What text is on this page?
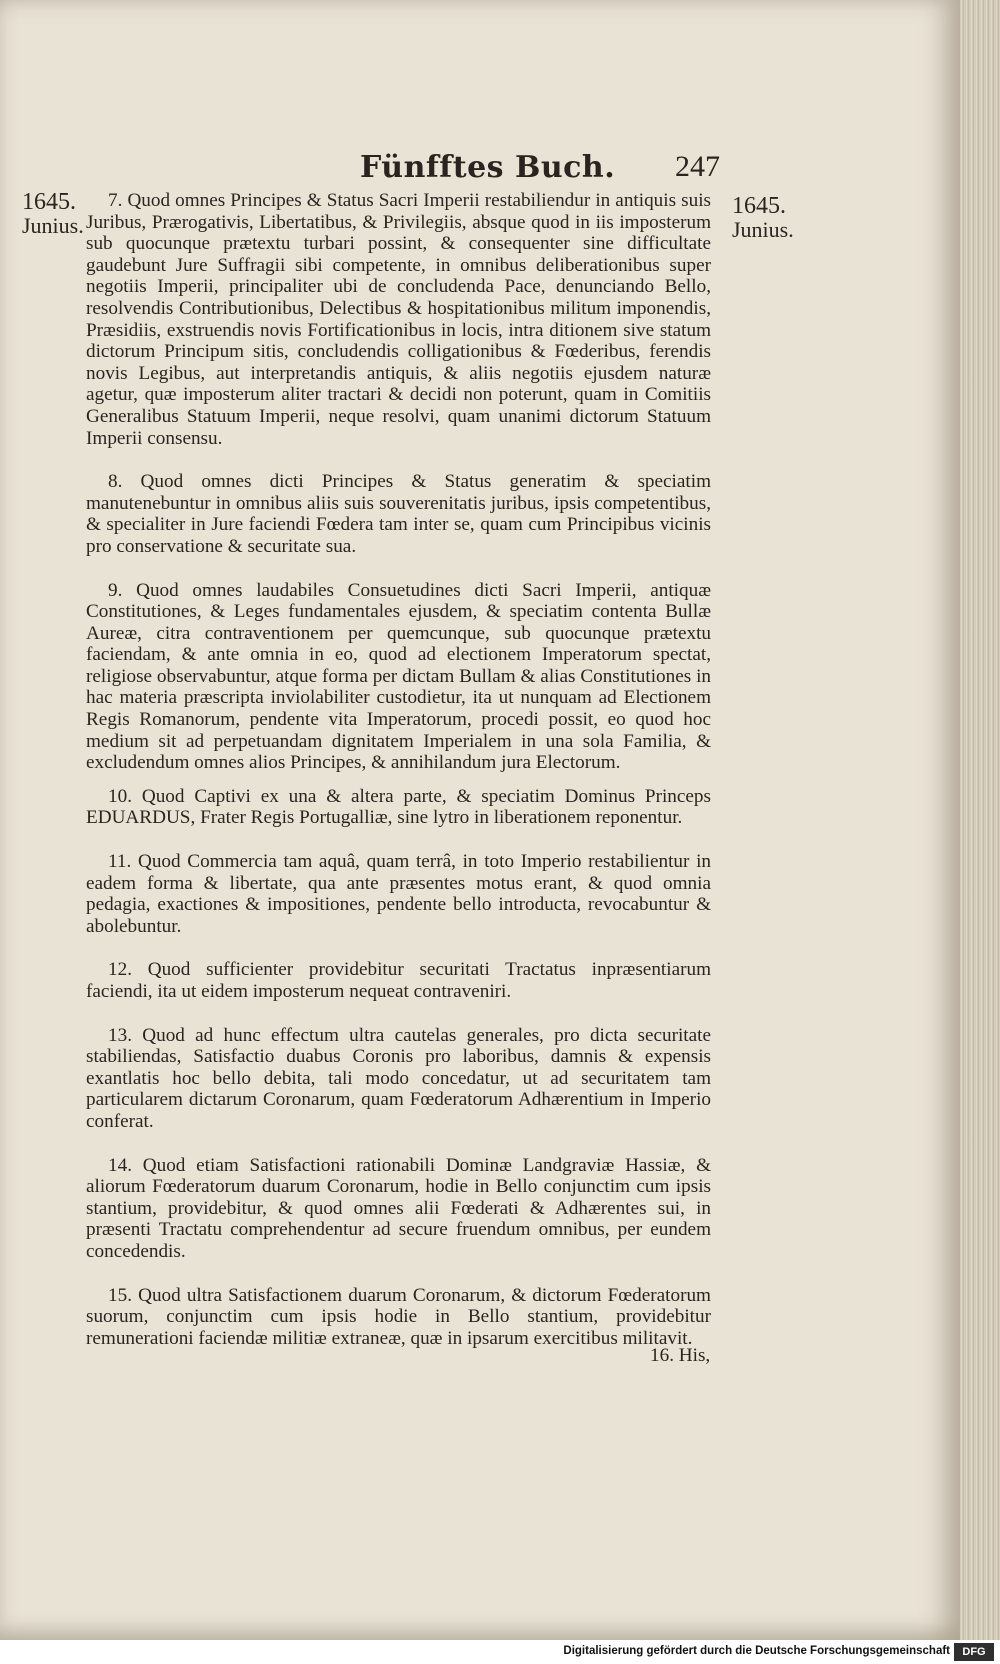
Fünfftes Buch. 247
1645.
Junius.
1645.
Junius.

7. Quod omnes Principes & Status Sacri Imperii restabiliendur in antiquis suis Juribus, Prærogativis, Libertatibus, & Privilegiis, absque quod in iis imposterum sub quocunque prætextu turbari possint, & consequenter sine difficultate gaudebunt Jure Suffragii sibi competente, in omnibus deliberationibus super negotiis Imperii, principaliter ubi de concludenda Pace, denunciando Bello, resolvendis Contributionibus, Delectibus & hospitationibus militum imponendis, Præsidiis, exstruendis novis Fortificationibus in locis, intra ditionem sive statum dictorum Principum sitis, concludendis colligationibus & Fœderibus, ferendis novis Legibus, aut interpretandis antiquis, & aliis negotiis ejusdem naturæ agetur, quæ imposterum aliter tractari & decidi non poterunt, quam in Comitiis Generalibus Statuum Imperii, neque resolvi, quam unanimi dictorum Statuum Imperii consensu.

8. Quod omnes dicti Principes & Status generatim & speciatim manutenebuntur in omnibus aliis suis souverenitatis juribus, ipsis competentibus, & specialiter in Jure faciendi Fœdera tam inter se, quam cum Principibus vicinis pro conservatione & securitate sua.

9. Quod omnes laudabiles Consuetudines dicti Sacri Imperii, antiquæ Constitutiones, & Leges fundamentales ejusdem, & speciatim contenta Bullæ Aureæ, citra contraventionem per quemcunque, sub quocunque prætextu faciendam, & ante omnia in eo, quod ad electionem Imperatorum spectat, religiose observabuntur, atque forma per dictam Bullam & alias Constitutiones in hac materia præscripta inviolabiliter custodietur, ita ut nunquam ad Electionem Regis Romanorum, pendente vita Imperatorum, procedi possit, eo quod hoc medium sit ad perpetuandam dignitatem Imperialem in una sola Familia, & excludendum omnes alios Principes, & annihilandum jura Electorum.

10. Quod Captivi ex una & altera parte, & speciatim Dominus Princeps EDUARDUS, Frater Regis Portugalliæ, sine lytro in liberationem reponentur.

11. Quod Commercia tam aquâ, quam terrâ, in toto Imperio restabilientur in eadem forma & libertate, qua ante præsentes motus erant, & quod omnia pedagia, exactiones & impositiones, pendente bello introducta, revocabuntur & abolebuntur.

12. Quod sufficienter providebitur securitati Tractatus inpræsentiarum faciendi, ita ut eidem imposterum nequeat contraveniri.

13. Quod ad hunc effectum ultra cautelas generales, pro dicta securitate stabiliendas, Satisfactio duabus Coronis pro laboribus, damnis & expensis exantlatis hoc bello debita, tali modo concedatur, ut ad securitatem tam particularem dictarum Coronarum, quam Fœderatorum Adhærentium in Imperio conferat.

14. Quod etiam Satisfactioni rationabili Dominæ Landgraviæ Hassiæ, & aliorum Fœderatorum duarum Coronarum, hodie in Bello conjunctim cum ipsis stantium, providebitur, & quod omnes alii Fœderati & Adhærentes sui, in præsenti Tractatu comprehendentur ad secure fruendum omnibus, per eundem concedendis.

15. Quod ultra Satisfactionem duarum Coronarum, & dictorum Fœderatorum suorum, conjunctim cum ipsis hodie in Bello stantium, providebitur remunerationi faciendæ militiæ extraneæ, quæ in ipsarum exercitibus militavit.

16. His,
Digitalisierung gefördert durch die Deutsche Forschungsgemeinschaft	DFG
